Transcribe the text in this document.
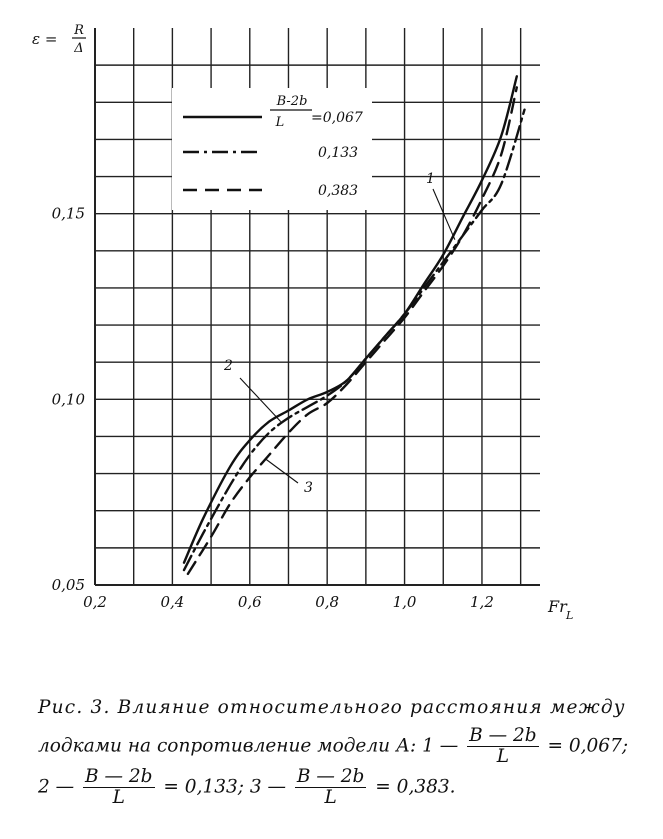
0,2	0,4	0,6	0,8	1,0	1,2
0,05
0,10
0,15
=0,067
0,133
0,383
B-2b
L
ε = R
Δ
Fr L
1
2
3
Рис. 3. Влияние относительного расстояния между
лодками на сопротивление модели А: 1 — $\frac{B — 2b}{L} = 0,067$;
2 — $\frac{B — 2b}{L} = 0,133$; 3 — $\frac{B — 2b}{L} = 0,383$.
